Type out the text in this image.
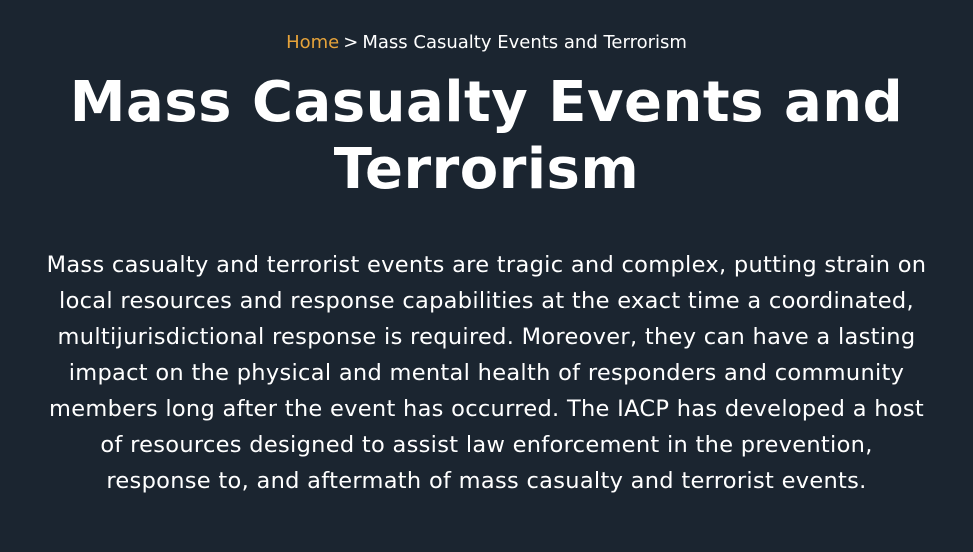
Home > Mass Casualty Events and Terrorism
Mass Casualty Events and Terrorism

Mass casualty and terrorist events are tragic and complex, putting strain on local resources and response capabilities at the exact time a coordinated, multijurisdictional response is required. Moreover, they can have a lasting impact on the physical and mental health of responders and community members long after the event has occurred. The IACP has developed a host of resources designed to assist law enforcement in the prevention, response to, and aftermath of mass casualty and terrorist events.
